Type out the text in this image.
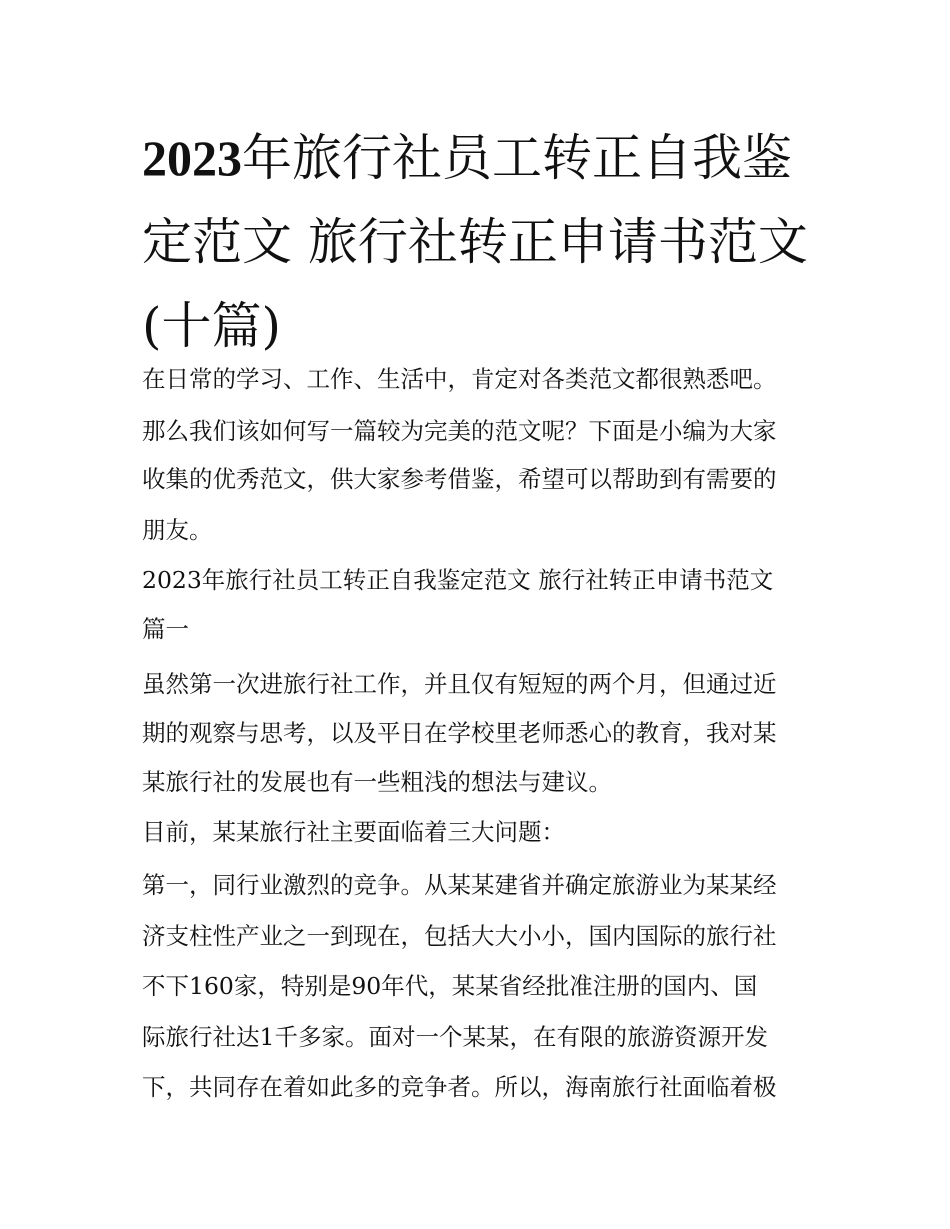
2023年旅行社员工转正自我鉴
定范文 旅行社转正申请书范文
(十篇)

在日常的学习、工作、生活中，肯定对各类范文都很熟悉吧。

那么我们该如何写一篇较为完美的范文呢？下面是小编为大家

收集的优秀范文，供大家参考借鉴，希望可以帮助到有需要的

朋友。

2023年旅行社员工转正自我鉴定范文 旅行社转正申请书范文

篇一

虽然第一次进旅行社工作，并且仅有短短的两个月，但通过近

期的观察与思考，以及平日在学校里老师悉心的教育，我对某

某旅行社的发展也有一些粗浅的想法与建议。

目前，某某旅行社主要面临着三大问题：

第一，同行业激烈的竞争。从某某建省并确定旅游业为某某经

济支柱性产业之一到现在，包括大大小小，国内国际的旅行社

不下160家，特别是90年代，某某省经批准注册的国内、国

际旅行社达1千多家。面对一个某某，在有限的旅游资源开发

下，共同存在着如此多的竞争者。所以，海南旅行社面临着极
